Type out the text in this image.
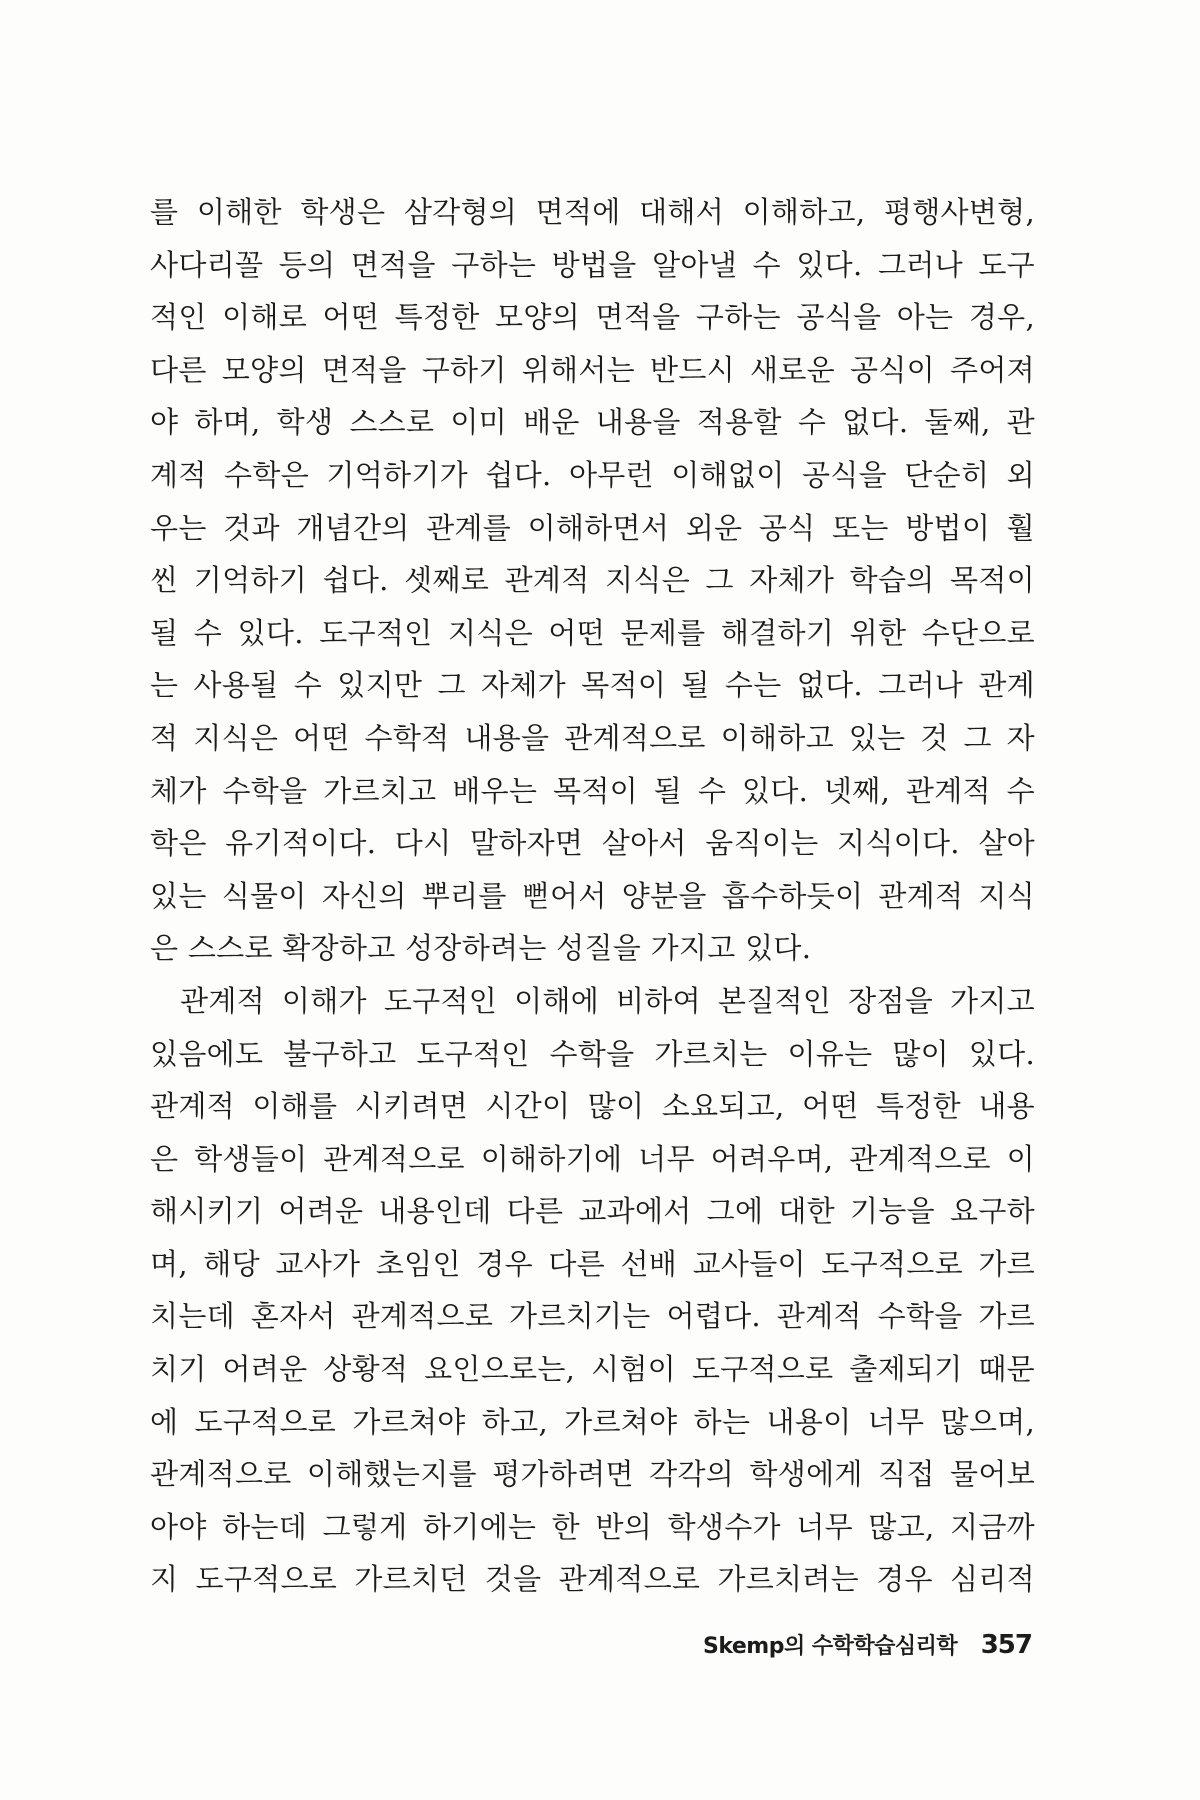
를 이해한 학생은 삼각형의 면적에 대해서 이해하고, 평행사변형,
사다리꼴 등의 면적을 구하는 방법을 알아낼 수 있다. 그러나 도구
적인 이해로 어떤 특정한 모양의 면적을 구하는 공식을 아는 경우,
다른 모양의 면적을 구하기 위해서는 반드시 새로운 공식이 주어져
야 하며, 학생 스스로 이미 배운 내용을 적용할 수 없다. 둘째, 관
계적 수학은 기억하기가 쉽다. 아무런 이해없이 공식을 단순히 외
우는 것과 개념간의 관계를 이해하면서 외운 공식 또는 방법이 훨
씬 기억하기 쉽다. 셋째로 관계적 지식은 그 자체가 학습의 목적이
될 수 있다. 도구적인 지식은 어떤 문제를 해결하기 위한 수단으로
는 사용될 수 있지만 그 자체가 목적이 될 수는 없다. 그러나 관계
적 지식은 어떤 수학적 내용을 관계적으로 이해하고 있는 것 그 자
체가 수학을 가르치고 배우는 목적이 될 수 있다. 넷째, 관계적 수
학은 유기적이다. 다시 말하자면 살아서 움직이는 지식이다. 살아
있는 식물이 자신의 뿌리를 뻗어서 양분을 흡수하듯이 관계적 지식
은 스스로 확장하고 성장하려는 성질을 가지고 있다.
관계적 이해가 도구적인 이해에 비하여 본질적인 장점을 가지고
있음에도 불구하고 도구적인 수학을 가르치는 이유는 많이 있다.
관계적 이해를 시키려면 시간이 많이 소요되고, 어떤 특정한 내용
은 학생들이 관계적으로 이해하기에 너무 어려우며, 관계적으로 이
해시키기 어려운 내용인데 다른 교과에서 그에 대한 기능을 요구하
며, 해당 교사가 초임인 경우 다른 선배 교사들이 도구적으로 가르
치는데 혼자서 관계적으로 가르치기는 어렵다. 관계적 수학을 가르
치기 어려운 상황적 요인으로는, 시험이 도구적으로 출제되기 때문
에 도구적으로 가르쳐야 하고, 가르쳐야 하는 내용이 너무 많으며,
관계적으로 이해했는지를 평가하려면 각각의 학생에게 직접 물어보
아야 하는데 그렇게 하기에는 한 반의 학생수가 너무 많고, 지금까
지 도구적으로 가르치던 것을 관계적으로 가르치려는 경우 심리적
Skemp의 수학학습심리학 357
